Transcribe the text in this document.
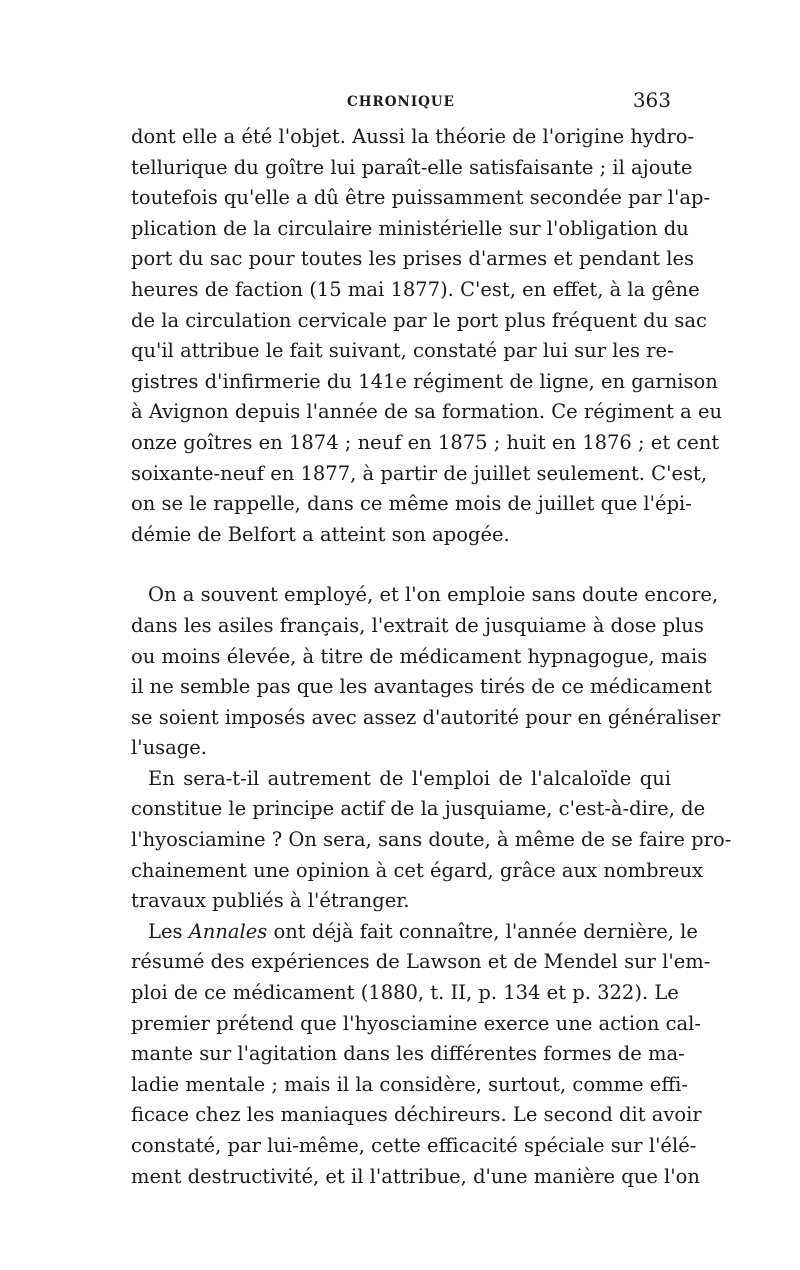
CHRONIQUE	363
dont elle a été l'objet. Aussi la théorie de l'origine hydro-
tellurique du goître lui paraît-elle satisfaisante ; il ajoute
toutefois qu'elle a dû être puissamment secondée par l'ap-
plication de la circulaire ministérielle sur l'obligation du
port du sac pour toutes les prises d'armes et pendant les
heures de faction (15 mai 1877). C'est, en effet, à la gêne
de la circulation cervicale par le port plus fréquent du sac
qu'il attribue le fait suivant, constaté par lui sur les re-
gistres d'infirmerie du 141e régiment de ligne, en garnison
à Avignon depuis l'année de sa formation. Ce régiment a eu
onze goîtres en 1874 ; neuf en 1875 ; huit en 1876 ; et cent
soixante-neuf en 1877, à partir de juillet seulement. C'est,
on se le rappelle, dans ce même mois de juillet que l'épi-
démie de Belfort a atteint son apogée.
On a souvent employé, et l'on emploie sans doute encore,
dans les asiles français, l'extrait de jusquiame à dose plus
ou moins élevée, à titre de médicament hypnagogue, mais
il ne semble pas que les avantages tirés de ce médicament
se soient imposés avec assez d'autorité pour en généraliser
l'usage.
En sera-t-il autrement de l'emploi de l'alcaloïde qui
constitue le principe actif de la jusquiame, c'est-à-dire, de
l'hyosciamine ? On sera, sans doute, à même de se faire pro-
chainement une opinion à cet égard, grâce aux nombreux
travaux publiés à l'étranger.
Les Annales ont déjà fait connaître, l'année dernière, le
résumé des expériences de Lawson et de Mendel sur l'em-
ploi de ce médicament (1880, t. II, p. 134 et p. 322). Le
premier prétend que l'hyosciamine exerce une action cal-
mante sur l'agitation dans les différentes formes de ma-
ladie mentale ; mais il la considère, surtout, comme effi-
ficace chez les maniaques déchireurs. Le second dit avoir
constaté, par lui-même, cette efficacité spéciale sur l'élé-
ment destructivité, et il l'attribue, d'une manière que l'on
